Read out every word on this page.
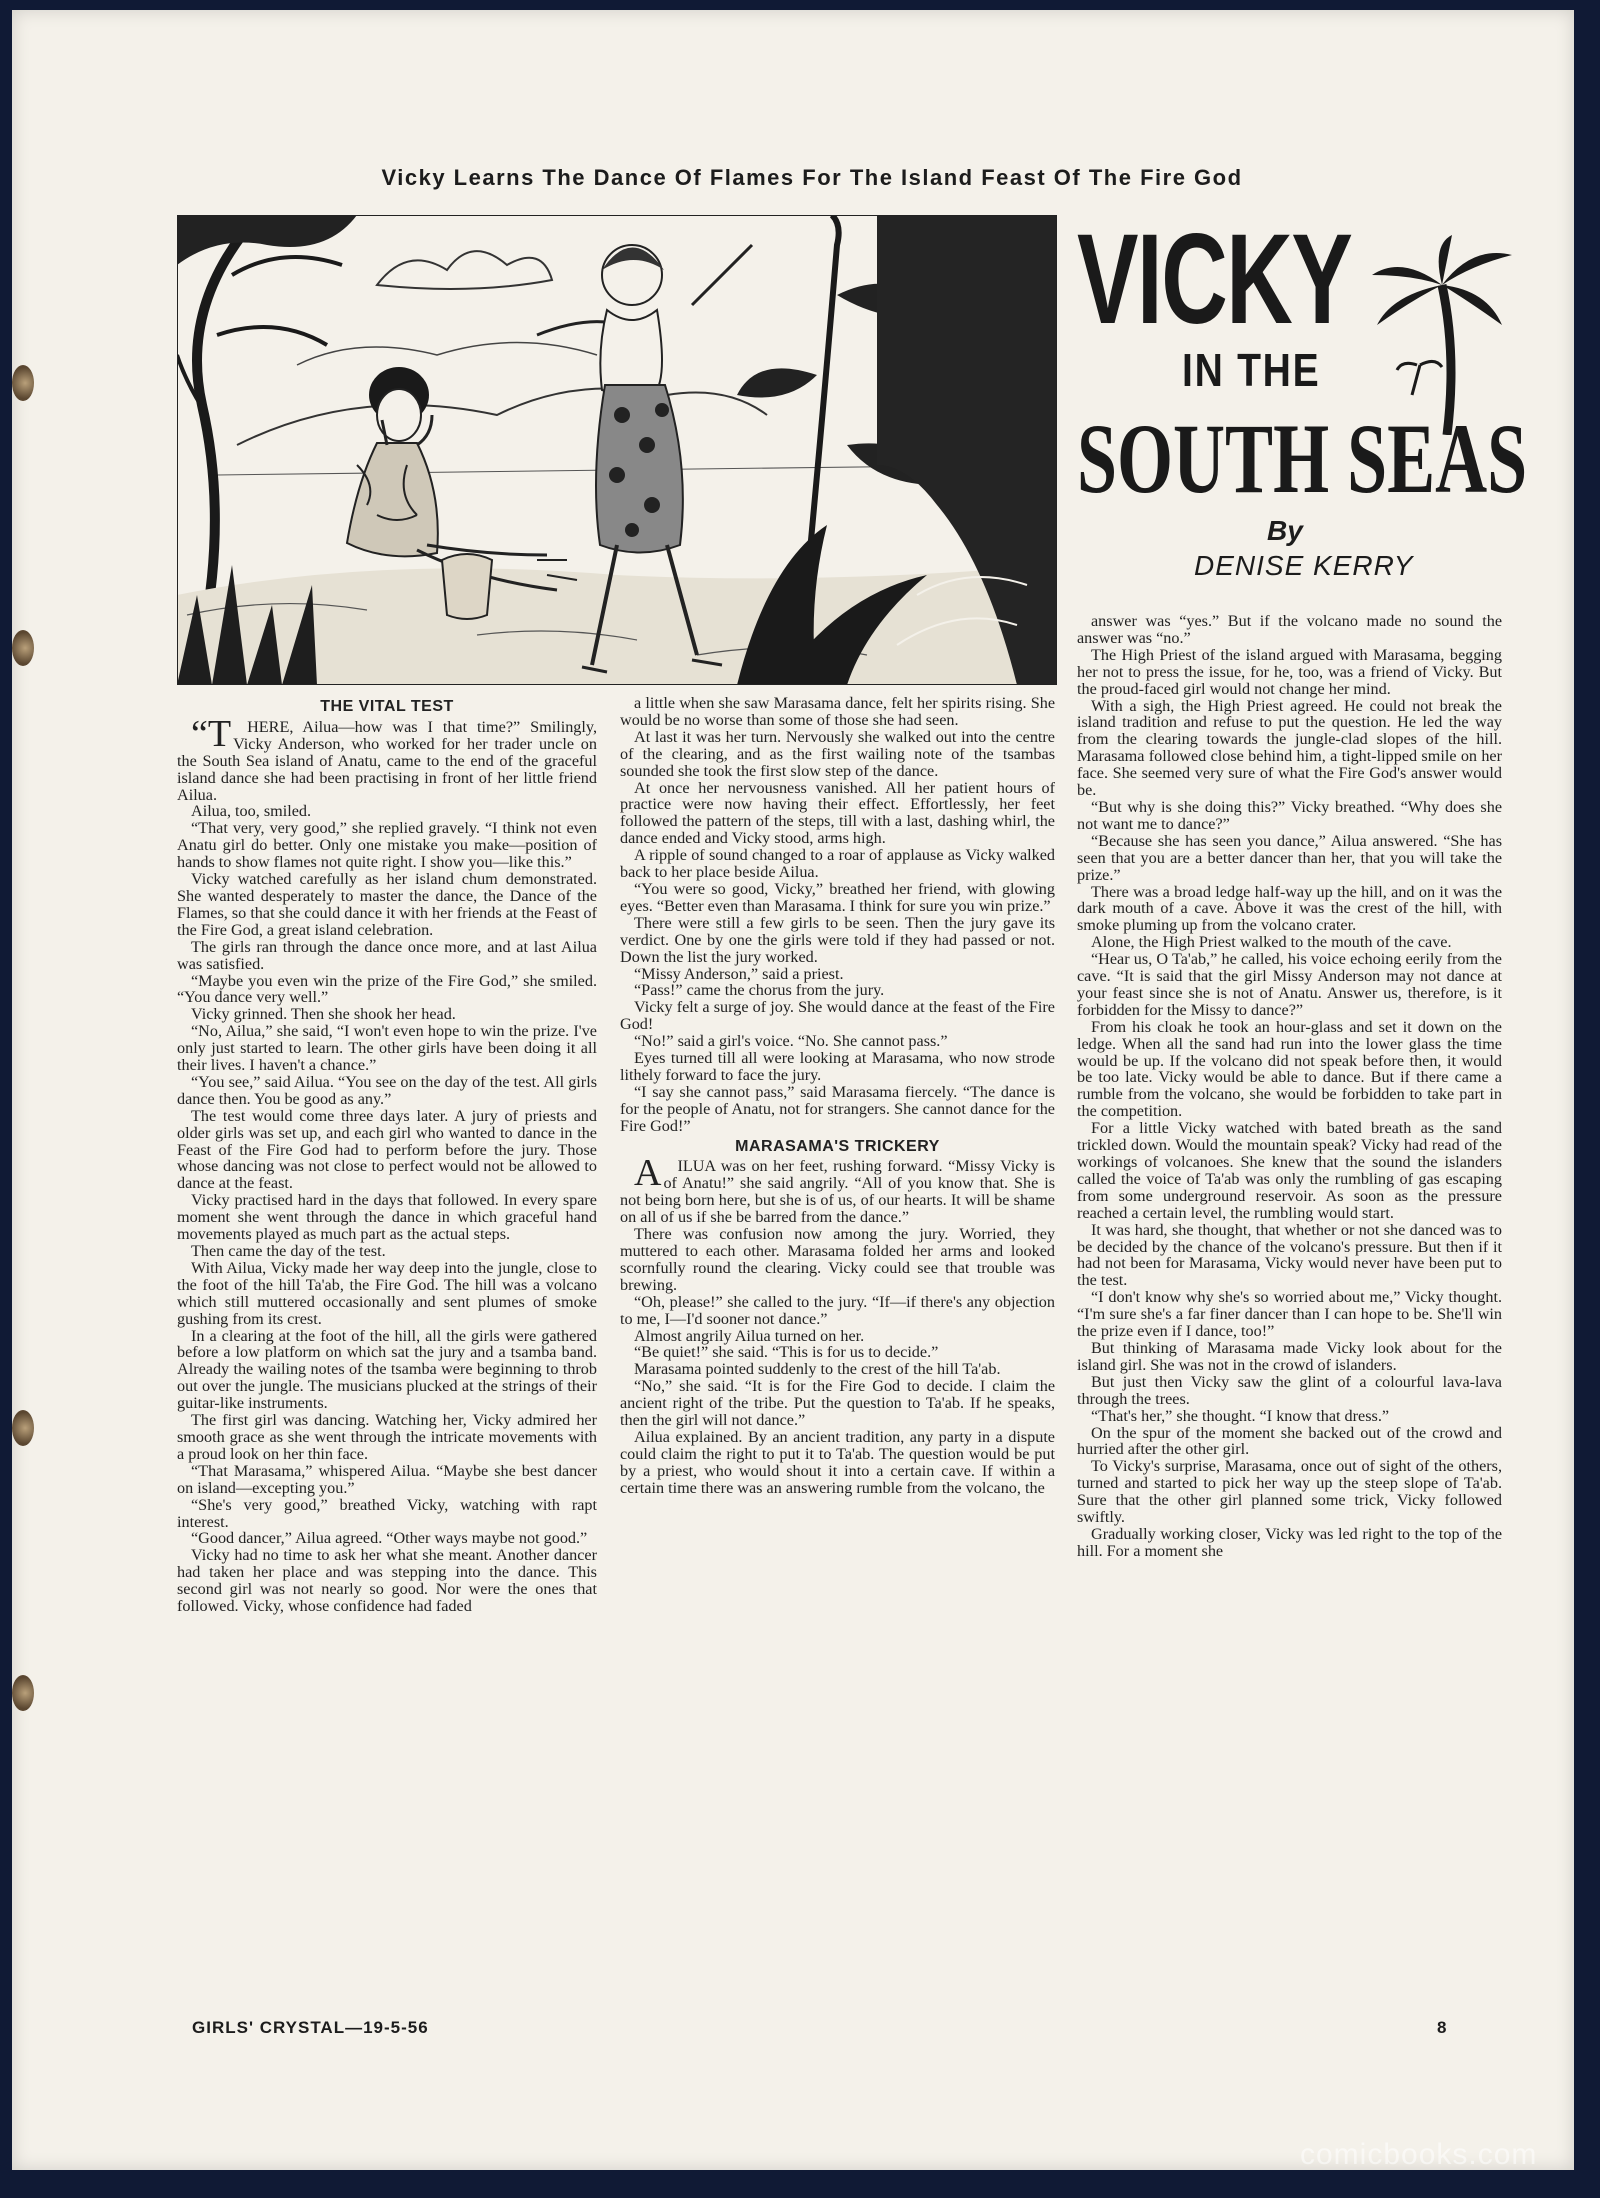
Vicky Learns The Dance Of Flames For The Island Feast Of The Fire God
VICKY
IN THE
SOUTH SEAS
By
DENISE KERRY
THE VITAL TEST

“THERE, Ailua—how was I that time?” Smilingly, Vicky Anderson, who worked for her trader uncle on the South Sea island of Anatu, came to the end of the graceful island dance she had been practising in front of her little friend Ailua.

Ailua, too, smiled.

“That very, very good,” she replied gravely. “I think not even Anatu girl do better. Only one mistake you make—position of hands to show flames not quite right. I show you—like this.”

Vicky watched carefully as her island chum demonstrated. She wanted desperately to master the dance, the Dance of the Flames, so that she could dance it with her friends at the Feast of the Fire God, a great island celebration.

The girls ran through the dance once more, and at last Ailua was satisfied.

“Maybe you even win the prize of the Fire God,” she smiled. “You dance very well.”

Vicky grinned. Then she shook her head.

“No, Ailua,” she said, “I won't even hope to win the prize. I've only just started to learn. The other girls have been doing it all their lives. I haven't a chance.”

“You see,” said Ailua. “You see on the day of the test. All girls dance then. You be good as any.”

The test would come three days later. A jury of priests and older girls was set up, and each girl who wanted to dance in the Feast of the Fire God had to perform before the jury. Those whose dancing was not close to perfect would not be allowed to dance at the feast.

Vicky practised hard in the days that followed. In every spare moment she went through the dance in which graceful hand movements played as much part as the actual steps.

Then came the day of the test.

With Ailua, Vicky made her way deep into the jungle, close to the foot of the hill Ta'ab, the Fire God. The hill was a volcano which still muttered occasionally and sent plumes of smoke gushing from its crest.

In a clearing at the foot of the hill, all the girls were gathered before a low platform on which sat the jury and a tsamba band. Already the wailing notes of the tsamba were beginning to throb out over the jungle. The musicians plucked at the strings of their guitar-like instruments.

The first girl was dancing. Watching her, Vicky admired her smooth grace as she went through the intricate movements with a proud look on her thin face.

“That Marasama,” whispered Ailua. “Maybe she best dancer on island—excepting you.”

“She's very good,” breathed Vicky, watching with rapt interest.

“Good dancer,” Ailua agreed. “Other ways maybe not good.”

Vicky had no time to ask her what she meant. Another dancer had taken her place and was stepping into the dance. This second girl was not nearly so good. Nor were the ones that followed. Vicky, whose confidence had faded

a little when she saw Marasama dance, felt her spirits rising. She would be no worse than some of those she had seen.

At last it was her turn. Nervously she walked out into the centre of the clearing, and as the first wailing note of the tsambas sounded she took the first slow step of the dance.

At once her nervousness vanished. All her patient hours of practice were now having their effect. Effortlessly, her feet followed the pattern of the steps, till with a last, dashing whirl, the dance ended and Vicky stood, arms high.

A ripple of sound changed to a roar of applause as Vicky walked back to her place beside Ailua.

“You were so good, Vicky,” breathed her friend, with glowing eyes. “Better even than Marasama. I think for sure you win prize.”

There were still a few girls to be seen. Then the jury gave its verdict. One by one the girls were told if they had passed or not. Down the list the jury worked.

“Missy Anderson,” said a priest.

“Pass!” came the chorus from the jury.

Vicky felt a surge of joy. She would dance at the feast of the Fire God!

“No!” said a girl's voice. “No. She cannot pass.”

Eyes turned till all were looking at Marasama, who now strode lithely forward to face the jury.

“I say she cannot pass,” said Marasama fiercely. “The dance is for the people of Anatu, not for strangers. She cannot dance for the Fire God!”

MARASAMA'S TRICKERY

AILUA was on her feet, rushing forward. “Missy Vicky is of Anatu!” she said angrily. “All of you know that. She is not being born here, but she is of us, of our hearts. It will be shame on all of us if she be barred from the dance.”

There was confusion now among the jury. Worried, they muttered to each other. Marasama folded her arms and looked scornfully round the clearing. Vicky could see that trouble was brewing.

“Oh, please!” she called to the jury. “If—if there's any objection to me, I—I'd sooner not dance.”

Almost angrily Ailua turned on her.

“Be quiet!” she said. “This is for us to decide.”

Marasama pointed suddenly to the crest of the hill Ta'ab.

“No,” she said. “It is for the Fire God to decide. I claim the ancient right of the tribe. Put the question to Ta'ab. If he speaks, then the girl will not dance.”

Ailua explained. By an ancient tradition, any party in a dispute could claim the right to put it to Ta'ab. The question would be put by a priest, who would shout it into a certain cave. If within a certain time there was an answering rumble from the volcano, the

answer was “yes.” But if the volcano made no sound the answer was “no.”

The High Priest of the island argued with Marasama, begging her not to press the issue, for he, too, was a friend of Vicky. But the proud-faced girl would not change her mind.

With a sigh, the High Priest agreed. He could not break the island tradition and refuse to put the question. He led the way from the clearing towards the jungle-clad slopes of the hill. Marasama followed close behind him, a tight-lipped smile on her face. She seemed very sure of what the Fire God's answer would be.

“But why is she doing this?” Vicky breathed. “Why does she not want me to dance?”

“Because she has seen you dance,” Ailua answered. “She has seen that you are a better dancer than her, that you will take the prize.”

There was a broad ledge half-way up the hill, and on it was the dark mouth of a cave. Above it was the crest of the hill, with smoke pluming up from the volcano crater.

Alone, the High Priest walked to the mouth of the cave.

“Hear us, O Ta'ab,” he called, his voice echoing eerily from the cave. “It is said that the girl Missy Anderson may not dance at your feast since she is not of Anatu. Answer us, therefore, is it forbidden for the Missy to dance?”

From his cloak he took an hour-glass and set it down on the ledge. When all the sand had run into the lower glass the time would be up. If the volcano did not speak before then, it would be too late. Vicky would be able to dance. But if there came a rumble from the volcano, she would be forbidden to take part in the competition.

For a little Vicky watched with bated breath as the sand trickled down. Would the mountain speak? Vicky had read of the workings of volcanoes. She knew that the sound the islanders called the voice of Ta'ab was only the rumbling of gas escaping from some underground reservoir. As soon as the pressure reached a certain level, the rumbling would start.

It was hard, she thought, that whether or not she danced was to be decided by the chance of the volcano's pressure. But then if it had not been for Marasama, Vicky would never have been put to the test.

“I don't know why she's so worried about me,” Vicky thought. “I'm sure she's a far finer dancer than I can hope to be. She'll win the prize even if I dance, too!”

But thinking of Marasama made Vicky look about for the island girl. She was not in the crowd of islanders.

But just then Vicky saw the glint of a colourful lava-lava through the trees.

“That's her,” she thought. “I know that dress.”

On the spur of the moment she backed out of the crowd and hurried after the other girl.

To Vicky's surprise, Marasama, once out of sight of the others, turned and started to pick her way up the steep slope of Ta'ab. Sure that the other girl planned some trick, Vicky followed swiftly.

Gradually working closer, Vicky was led right to the top of the hill. For a moment she

GIRLS' CRYSTAL—19-5-56	8
comicbooks.com
